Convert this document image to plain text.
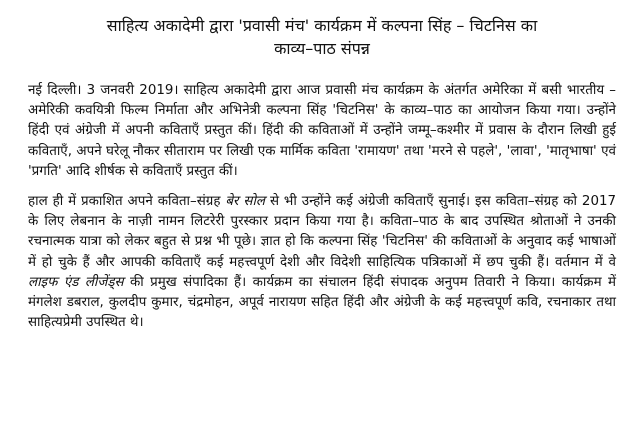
साहित्य अकादेमी द्वारा 'प्रवासी मंच' कार्यक्रम में कल्पना सिंह – चिटनिस का
काव्य–पाठ संपन्न

नई दिल्ली। 3 जनवरी 2019। साहित्य अकादेमी द्वारा आज प्रवासी मंच कार्यक्रम के अंतर्गत अमेरिका में बसी भारतीय – अमेरिकी कवयित्री फिल्म निर्माता और अभिनेत्री कल्पना सिंह 'चिटनिस' के काव्य–पाठ का आयोजन किया गया। उन्होंने हिंदी एवं अंग्रेजी में अपनी कविताएँ प्रस्तुत कीं। हिंदी की कविताओं में उन्होंने जम्मू–कश्मीर में प्रवास के दौरान लिखी हुई कविताएँ, अपने घरेलू नौकर सीताराम पर लिखी एक मार्मिक कविता 'रामायण' तथा 'मरने से पहले', 'लावा', 'मातृभाषा' एवं 'प्रगति' आदि शीर्षक से कविताएँ प्रस्तुत कीं।

हाल ही में प्रकाशित अपने कविता–संग्रह बेर सोल से भी उन्होंने कई अंग्रेजी कविताएँ सुनाई। इस कविता–संग्रह को 2017 के लिए लेबनान के नाज़ी नामन लिटरेरी पुरस्कार प्रदान किया गया है। कविता–पाठ के बाद उपस्थित श्रोताओं ने उनकी रचनात्मक यात्रा को लेकर बहुत से प्रश्न भी पूछे। ज्ञात हो कि कल्पना सिंह 'चिटनिस' की कविताओं के अनुवाद कई भाषाओं में हो चुके हैं और आपकी कविताएँ कई महत्त्वपूर्ण देशी और विदेशी साहित्यिक पत्रिकाओं में छप चुकी हैं। वर्तमान में वे लाइफ एंड लीजेंड्स की प्रमुख संपादिका हैं। कार्यक्रम का संचालन हिंदी संपादक अनुपम तिवारी ने किया। कार्यक्रम में मंगलेश डबराल, कुलदीप कुमार, चंद्रमोहन, अपूर्व नारायण सहित हिंदी और अंग्रेजी के कई महत्त्वपूर्ण कवि, रचनाकार तथा साहित्यप्रेमी उपस्थित थे।
